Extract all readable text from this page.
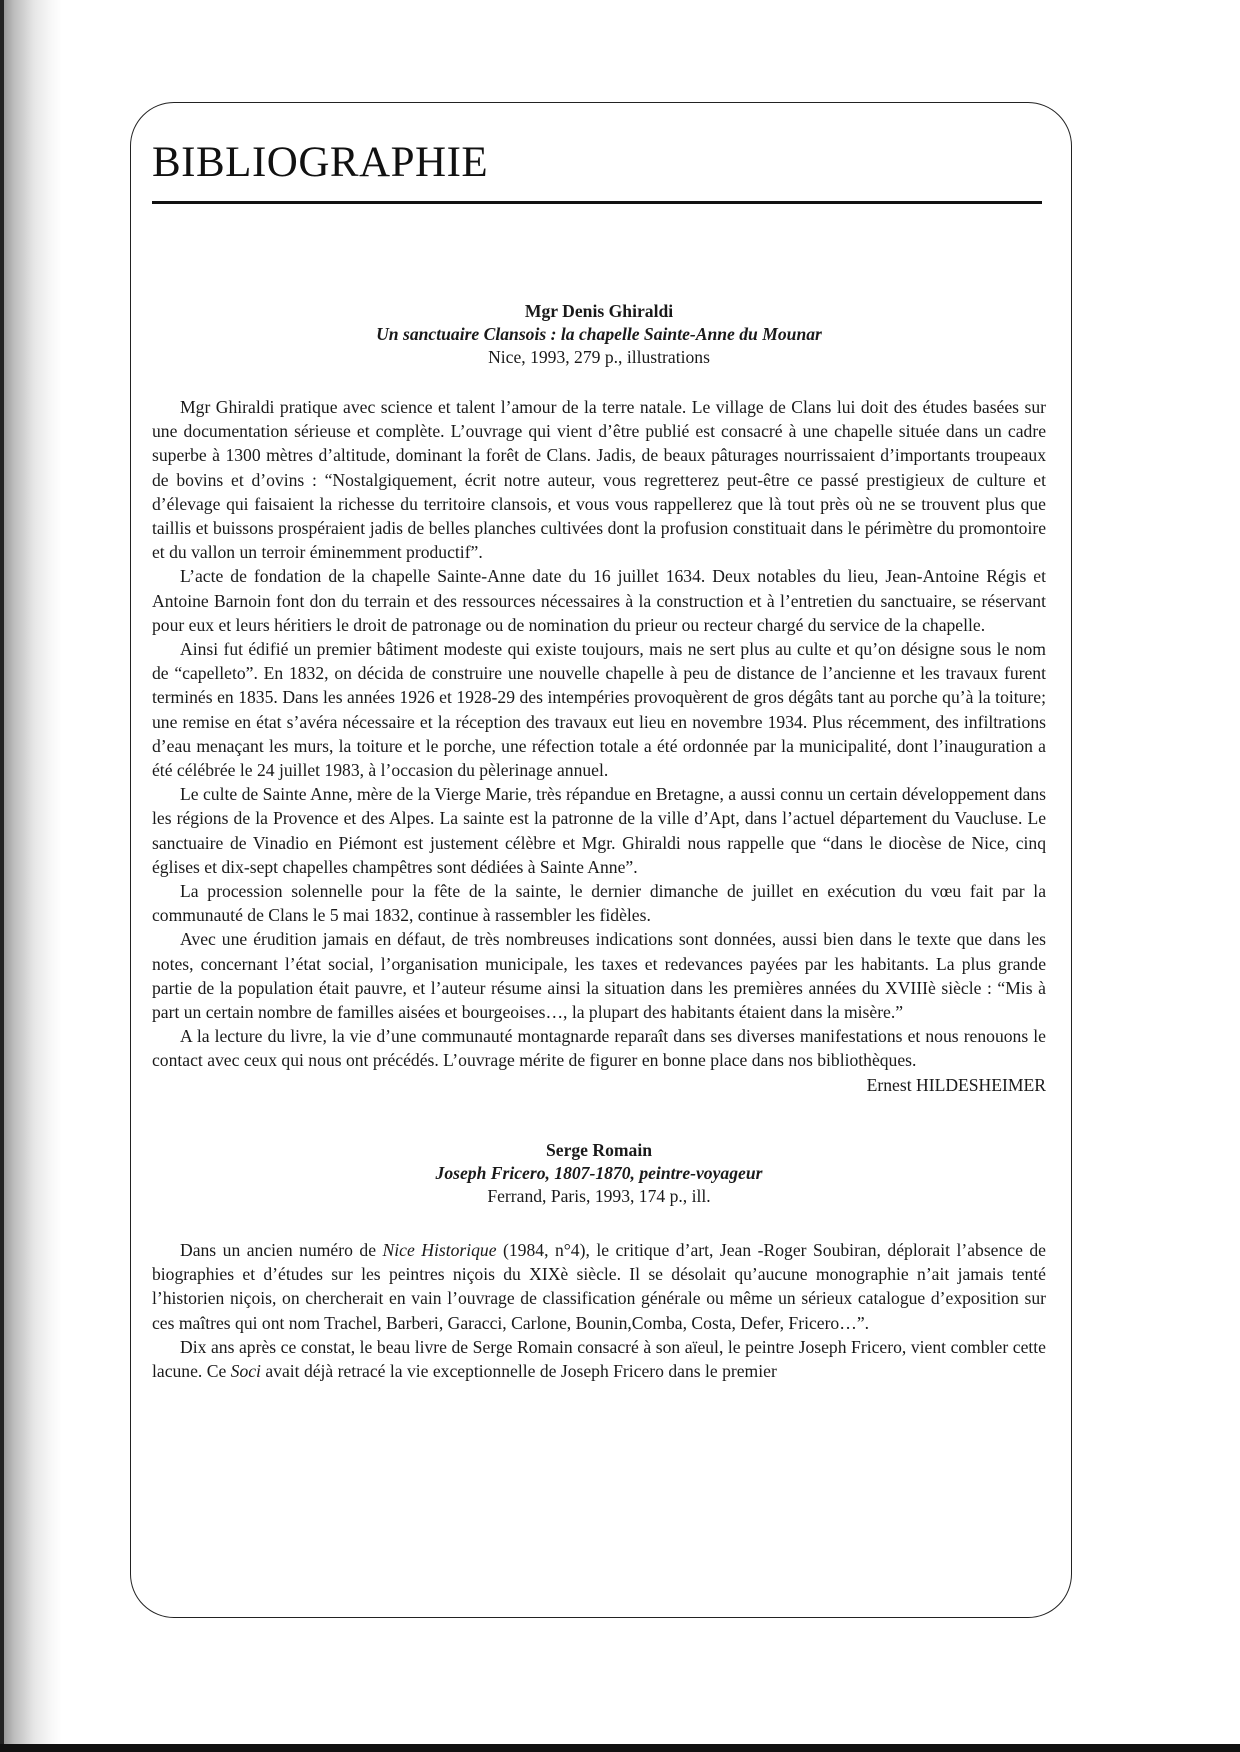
BIBLIOGRAPHIE
Mgr Denis Ghiraldi
Un sanctuaire Clansois : la chapelle Sainte-Anne du Mounar
Nice, 1993, 279 p., illustrations

Mgr Ghiraldi pratique avec science et talent l’amour de la terre natale. Le village de Clans lui doit des études basées sur une documentation sérieuse et complète. L’ouvrage qui vient d’être publié est consacré à une chapelle située dans un cadre superbe à 1300 mètres d’altitude, dominant la forêt de Clans. Jadis, de beaux pâturages nourrissaient d’importants troupeaux de bovins et d’ovins : “Nostalgiquement, écrit notre auteur, vous regretterez peut-être ce passé prestigieux de culture et d’élevage qui faisaient la richesse du territoire clansois, et vous vous rappellerez que là tout près où ne se trouvent plus que taillis et buissons prospéraient jadis de belles planches cultivées dont la profusion constituait dans le périmètre du promontoire et du vallon un terroir éminemment productif”.

L’acte de fondation de la chapelle Sainte-Anne date du 16 juillet 1634. Deux notables du lieu, Jean-Antoine Régis et Antoine Barnoin font don du terrain et des ressources nécessaires à la construction et à l’entretien du sanctuaire, se réservant pour eux et leurs héritiers le droit de patronage ou de nomination du prieur ou recteur chargé du service de la chapelle.

Ainsi fut édifié un premier bâtiment modeste qui existe toujours, mais ne sert plus au culte et qu’on désigne sous le nom de “capelleto”. En 1832, on décida de construire une nouvelle chapelle à peu de distance de l’ancienne et les travaux furent terminés en 1835. Dans les années 1926 et 1928-29 des intempéries provoquèrent de gros dégâts tant au porche qu’à la toiture; une remise en état s’avéra nécessaire et la réception des travaux eut lieu en novembre 1934. Plus récemment, des infiltrations d’eau menaçant les murs, la toiture et le porche, une réfection totale a été ordonnée par la municipalité, dont l’inauguration a été célébrée le 24 juillet 1983, à l’occasion du pèlerinage annuel.

Le culte de Sainte Anne, mère de la Vierge Marie, très répandue en Bretagne, a aussi connu un certain développement dans les régions de la Provence et des Alpes. La sainte est la patronne de la ville d’Apt, dans l’actuel département du Vaucluse. Le sanctuaire de Vinadio en Piémont est justement célèbre et Mgr. Ghiraldi nous rappelle que “dans le diocèse de Nice, cinq églises et dix-sept chapelles champêtres sont dédiées à Sainte Anne”.

La procession solennelle pour la fête de la sainte, le dernier dimanche de juillet en exécution du vœu fait par la communauté de Clans le 5 mai 1832, continue à rassembler les fidèles.

Avec une érudition jamais en défaut, de très nombreuses indications sont données, aussi bien dans le texte que dans les notes, concernant l’état social, l’organisation municipale, les taxes et redevances payées par les habitants. La plus grande partie de la population était pauvre, et l’auteur résume ainsi la situation dans les premières années du XVIIIè siècle : “Mis à part un certain nombre de familles aisées et bourgeoises…, la plupart des habitants étaient dans la misère.”

A la lecture du livre, la vie d’une communauté montagnarde reparaît dans ses diverses manifestations et nous renouons le contact avec ceux qui nous ont précédés. L’ouvrage mérite de figurer en bonne place dans nos bibliothèques.

Ernest HILDESHEIMER

Serge Romain
Joseph Fricero, 1807-1870, peintre-voyageur
Ferrand, Paris, 1993, 174 p., ill.

Dans un ancien numéro de Nice Historique (1984, n°4), le critique d’art, Jean -Roger Soubiran, déplorait l’absence de biographies et d’études sur les peintres niçois du XIXè siècle. Il se désolait qu’aucune monographie n’ait jamais tenté l’historien niçois, on chercherait en vain l’ouvrage de classification générale ou même un sérieux catalogue d’exposition sur ces maîtres qui ont nom Trachel, Barberi, Garacci, Carlone, Bounin,Comba, Costa, Defer, Fricero…”.

Dix ans après ce constat, le beau livre de Serge Romain consacré à son aïeul, le peintre Joseph Fricero, vient combler cette lacune. Ce Soci avait déjà retracé la vie exceptionnelle de Joseph Fricero dans le premier
